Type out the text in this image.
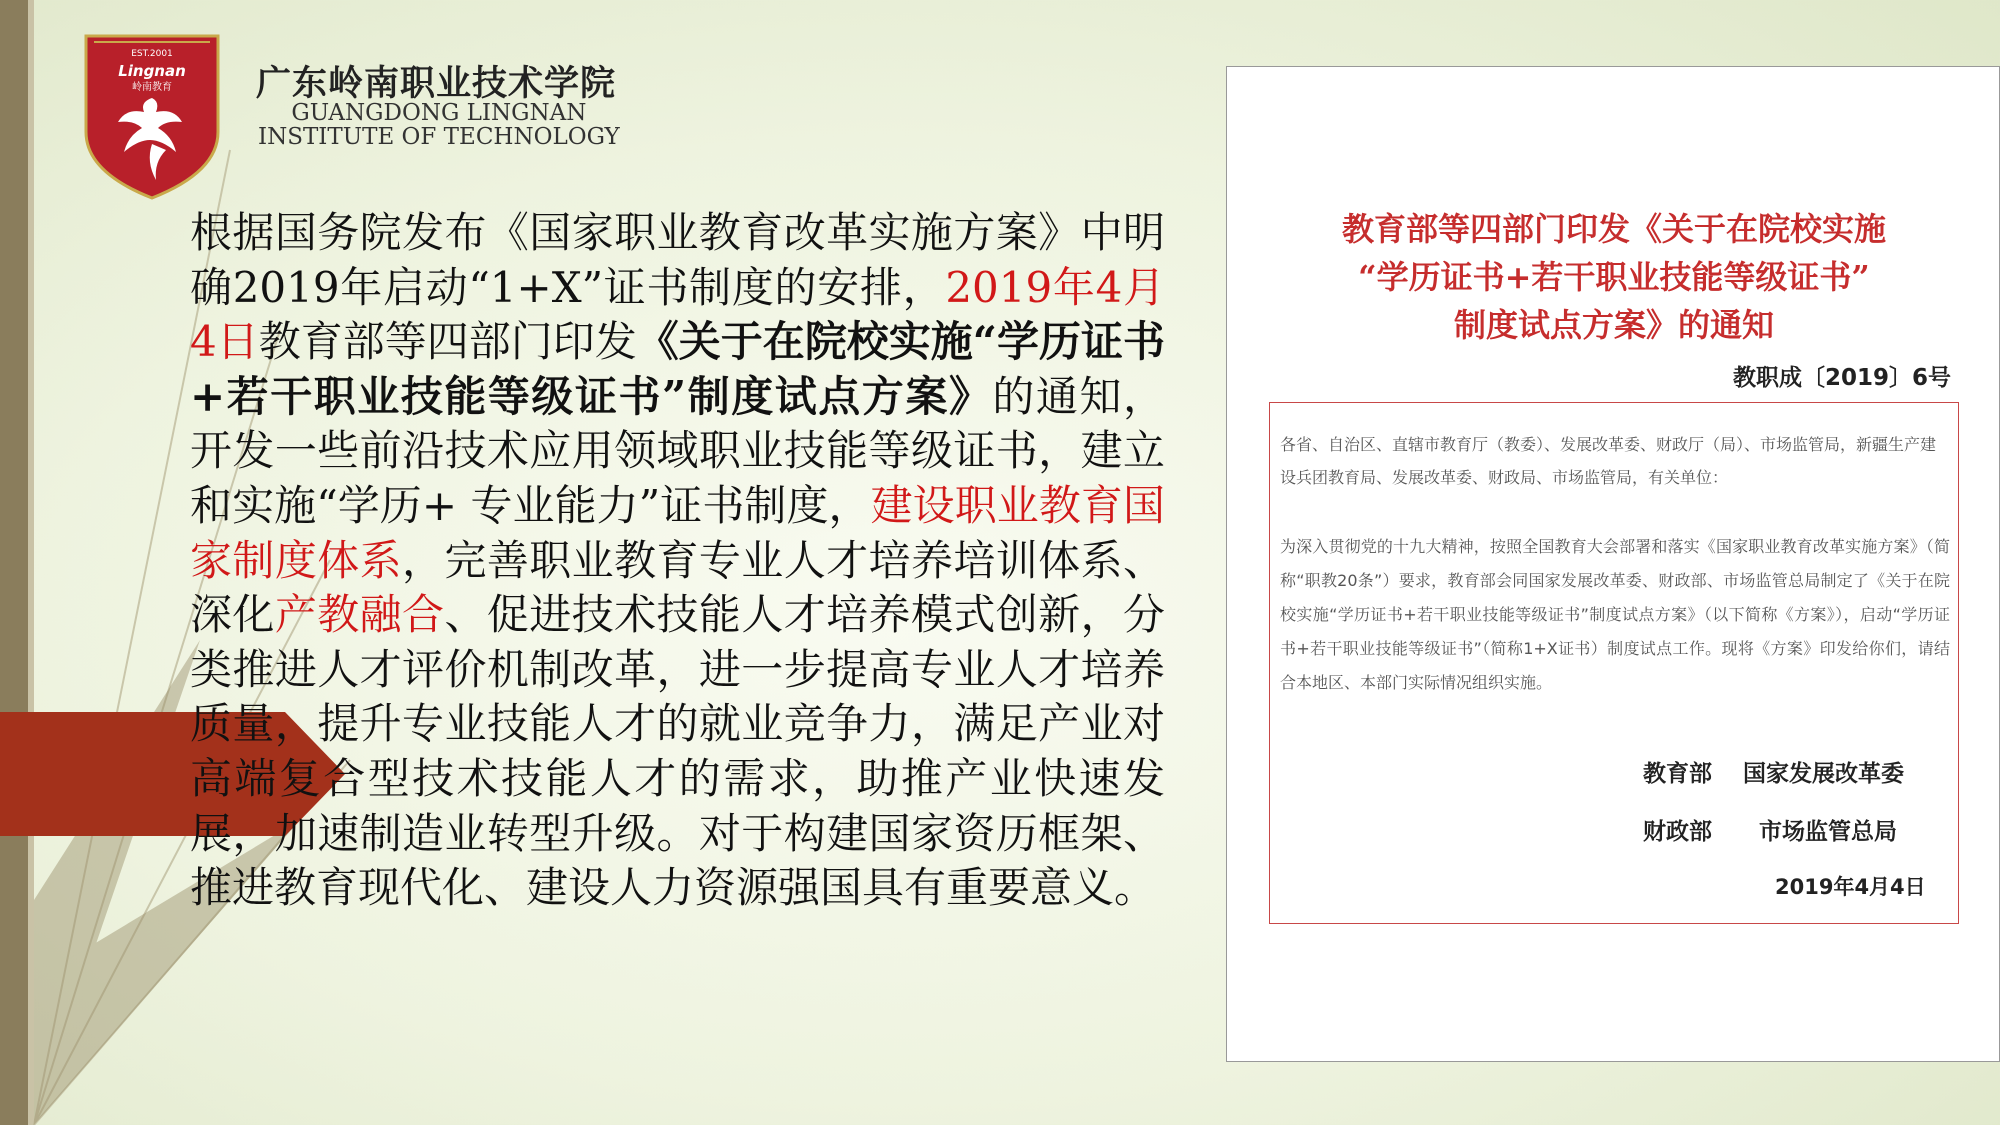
EST.2001
Lingnan
岭南教育 广东岭南职业技术学院
GUANGDONG LINGNAN
INSTITUTE OF TECHNOLOGY
根据国务院发布《国家职业教育改革实施方案》中明确2019年启动“1+X”证书制度的安排，2019年4月4日教育部等四部门印发《关于在院校实施“学历证书+若干职业技能等级证书”制度试点方案》的通知，开发一些前沿技术应用领域职业技能等级证书，建立和实施“学历+ 专业能力”证书制度，建设职业教育国家制度体系，完善职业教育专业人才培养培训体系、深化产教融合、促进技术技能人才培养模式创新，分类推进人才评价机制改革，进一步提高专业人才培养质量，提升专业技能人才的就业竞争力，满足产业对高端复合型技术技能人才的需求，助推产业快速发展，加速制造业转型升级。对于构建国家资历框架、推进教育现代化、建设人力资源强国具有重要意义。
教育部等四部门印发《关于在院校实施
“学历证书+若干职业技能等级证书”
制度试点方案》的通知
教职成〔2019〕6号
各省、自治区、直辖市教育厅（教委）、发展改革委、财政厅（局）、市场监管局，新疆生产建设兵团教育局、发展改革委、财政局、市场监管局，有关单位：
为深入贯彻党的十九大精神，按照全国教育大会部署和落实《国家职业教育改革实施方案》（简称“职教20条”）要求，教育部会同国家发展改革委、财政部、市场监管总局制定了《关于在院校实施“学历证书+若干职业技能等级证书”制度试点方案》（以下简称《方案》），启动“学历证书+若干职业技能等级证书”（简称1+X证书）制度试点工作。现将《方案》印发给你们，请结合本地区、本部门实际情况组织实施。
教育部 国家发展改革委
财政部 市场监管总局
2019年4月4日
